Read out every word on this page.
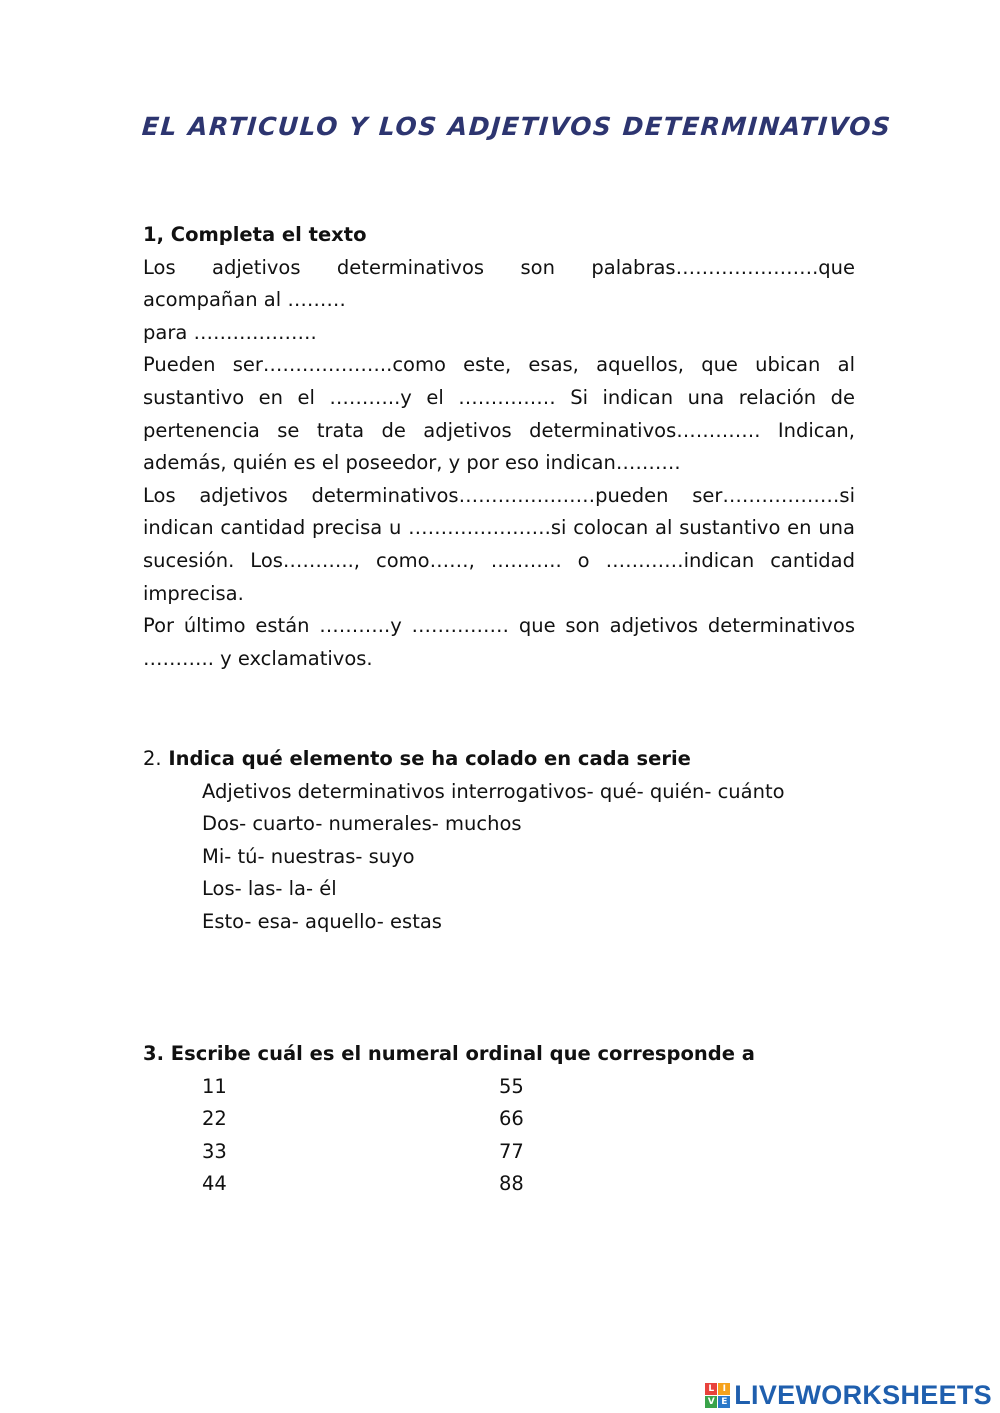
EL ARTICULO Y LOS ADJETIVOS DETERMINATIVOS
1, Completa el texto

Los adjetivos determinativos son palabras………………….que

acompañan al ………

para ……………….

Pueden ser………………..como este, esas, aquellos, que ubican al sustantivo en el ………..y el …………… Si indican una relación de pertenencia se trata de adjetivos determinativos…………. Indican, además, quién es el poseedor, y por eso indican……….

Los adjetivos determinativos…………………pueden ser………………si indican cantidad precisa u ………………….si colocan al sustantivo en una sucesión. Los……….., como……, ……….. o …………indican cantidad imprecisa.

Por último están ………..y …………… que son adjetivos determinativos ……….. y exclamativos.

2. Indica qué elemento se ha colado en cada serie

Adjetivos determinativos interrogativos- qué- quién- cuánto

Dos- cuarto- numerales- muchos
Mi- tú- nuestras- suyo
Los- las- la- él
Esto- esa- aquello- estas
3. Escribe cuál es el numeral ordinal que corresponde a
11	55
22	66
33	77
44	88
L I
V E LIVEWORKSHEETS
